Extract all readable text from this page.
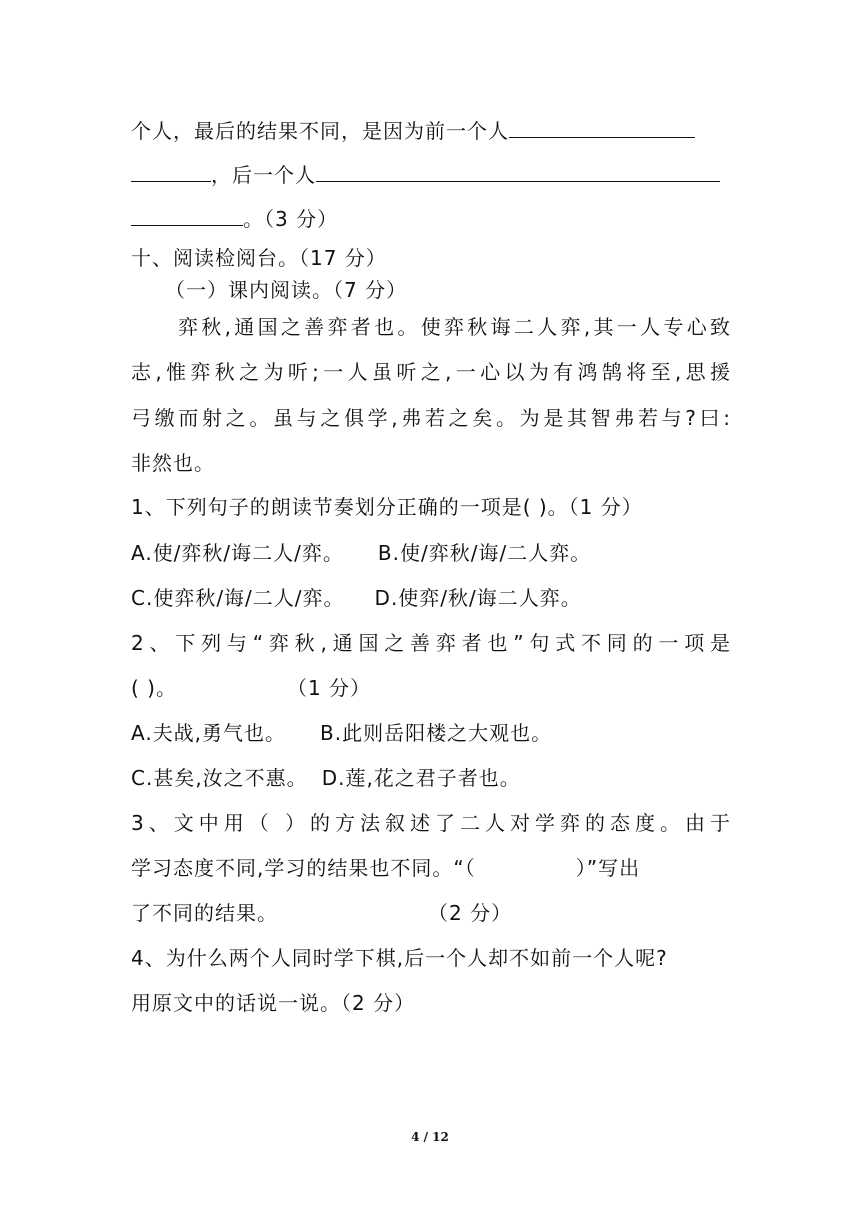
个人，最后的结果不同，是因为前一个人
，后一个人
。（3 分）
十、阅读检阅台。（17 分）
（一）课内阅读。（7 分）
弈秋,通国之善弈者也。使弈秋诲二人弈,其一人专心致
志,惟弈秋之为听;一人虽听之,一心以为有鸿鹄将至,思援
弓缴而射之。虽与之俱学,弗若之矣。为是其智弗若与?曰:
非然也。
1、下列句子的朗读节奏划分正确的一项是( )。（1 分）
A.使/弈秋/诲二人/弈。 B.使/弈秋/诲/二人弈。
C.使弈秋/诲/二人/弈。 D.使弈/秋/诲二人弈。
2、下列与“弈秋,通国之善弈者也”句式不同的一项是
( )。	（1 分）
A.夫战,勇气也。 B.此则岳阳楼之大观也。
C.甚矣,汝之不惠。 D.莲,花之君子者也。
3、文中用（ ）的方法叙述了二人对学弈的态度。由于
学习态度不同,学习的结果也不同。“（	）”写出
了不同的结果。	（2 分）
4、为什么两个人同时学下棋,后一个人却不如前一个人呢?
用原文中的话说一说。（2 分）
4 / 12
